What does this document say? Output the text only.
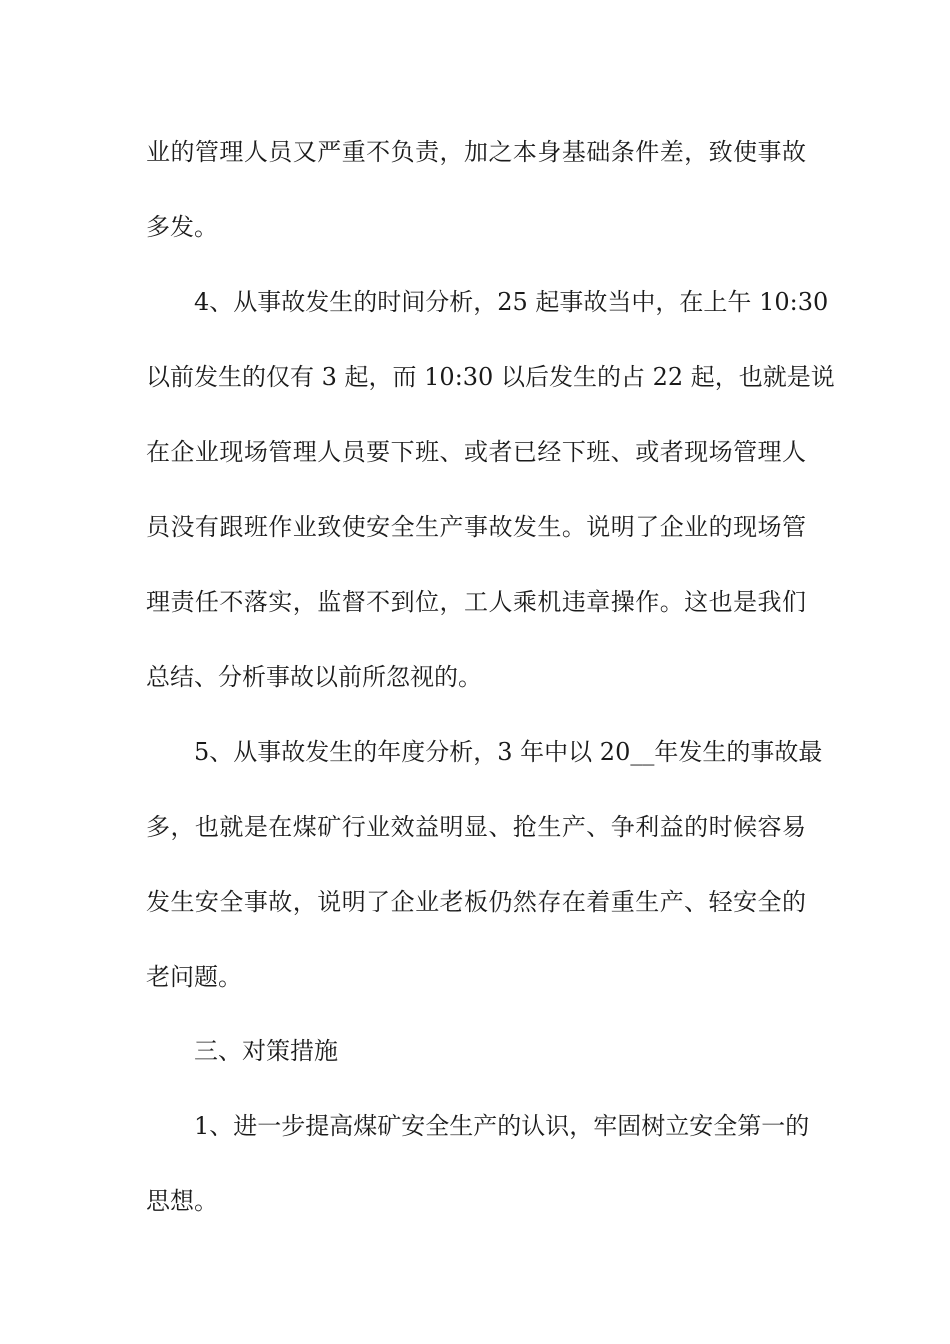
业的管理人员又严重不负责，加之本身基础条件差，致使事故
多发。
4、从事故发生的时间分析，25 起事故当中，在上午 10:30
以前发生的仅有 3 起，而 10:30 以后发生的占 22 起，也就是说
在企业现场管理人员要下班、或者已经下班、或者现场管理人
员没有跟班作业致使安全生产事故发生。说明了企业的现场管
理责任不落实，监督不到位，工人乘机违章操作。这也是我们
总结、分析事故以前所忽视的。
5、从事故发生的年度分析，3 年中以 20__年发生的事故最
多，也就是在煤矿行业效益明显、抢生产、争利益的时候容易
发生安全事故，说明了企业老板仍然存在着重生产、轻安全的
老问题。
三、对策措施
1、进一步提高煤矿安全生产的认识，牢固树立安全第一的
思想。
